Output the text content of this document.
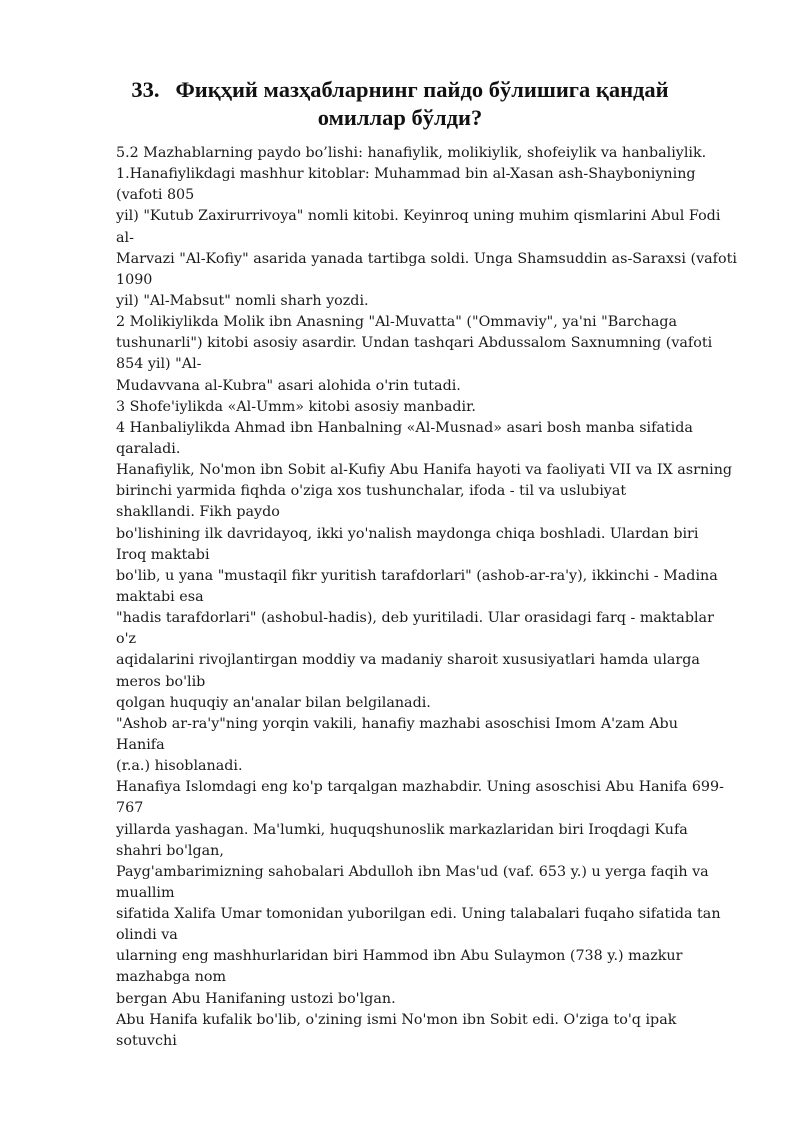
33. Фиқҳий мазҳабларнинг пайдо бўлишига қандай
омиллар бўлди?
5.2 Mazhablarning paydo bo’lishi: hanafiylik, molikiylik, shofeiylik va hanbaliylik.
1.Hanafiylikdagi mashhur kitoblar: Muhammad bin al-Xasan ash-Shayboniyning
(vafoti 805
yil) "Kutub Zaxirurrivoya" nomli kitobi. Keyinroq uning muhim qismlarini Abul Fodi
al-
Marvazi "Al-Kofiy" asarida yanada tartibga soldi. Unga Shamsuddin as-Saraxsi (vafoti
1090
yil) "Al-Mabsut" nomli sharh yozdi.
2 Molikiylikda Molik ibn Anasning "Al-Muvatta" ("Ommaviy", ya'ni "Barchaga
tushunarli") kitobi asosiy asardir. Undan tashqari Abdussalom Saxnumning (vafoti
854 yil) "Al-
Mudavvana al-Kubra" asari alohida o'rin tutadi.
3 Shofe'iylikda «Al-Umm» kitobi asosiy manbadir.
4 Hanbaliylikda Ahmad ibn Hanbalning «Al-Musnad» asari bosh manba sifatida
qaraladi.
Hanafiylik, No'mon ibn Sobit al-Kufiy Abu Hanifa hayoti va faoliyati VII va IX asrning
birinchi yarmida fiqhda o'ziga xos tushunchalar, ifoda - til va uslubiyat
shakllandi. Fikh paydo
bo'lishining ilk davridayoq, ikki yo'nalish maydonga chiqa boshladi. Ulardan biri
Iroq maktabi
bo'lib, u yana "mustaqil fikr yuritish tarafdorlari" (ashob-ar-ra'y), ikkinchi - Madina
maktabi esa
"hadis tarafdorlari" (ashobul-hadis), deb yuritiladi. Ular orasidagi farq - maktablar
o'z
aqidalarini rivojlantirgan moddiy va madaniy sharoit xususiyatlari hamda ularga
meros bo'lib
qolgan huquqiy an'analar bilan belgilanadi.
"Ashob ar-ra'y"ning yorqin vakili, hanafiy mazhabi asoschisi Imom A'zam Abu
Hanifa
(r.a.) hisoblanadi.
Hanafiya Islomdagi eng ko'p tarqalgan mazhabdir. Uning asoschisi Abu Hanifa 699-
767
yillarda yashagan. Ma'lumki, huquqshunoslik markazlaridan biri Iroqdagi Kufa
shahri bo'lgan,
Payg'ambarimizning sahobalari Abdulloh ibn Mas'ud (vaf. 653 y.) u yerga faqih va
muallim
sifatida Xalifa Umar tomonidan yuborilgan edi. Uning talabalari fuqaho sifatida tan
olindi va
ularning eng mashhurlaridan biri Hammod ibn Abu Sulaymon (738 y.) mazkur
mazhabga nom
bergan Abu Hanifaning ustozi bo'lgan.
Abu Hanifa kufalik bo'lib, o'zining ismi No'mon ibn Sobit edi. O'ziga to'q ipak
sotuvchi
